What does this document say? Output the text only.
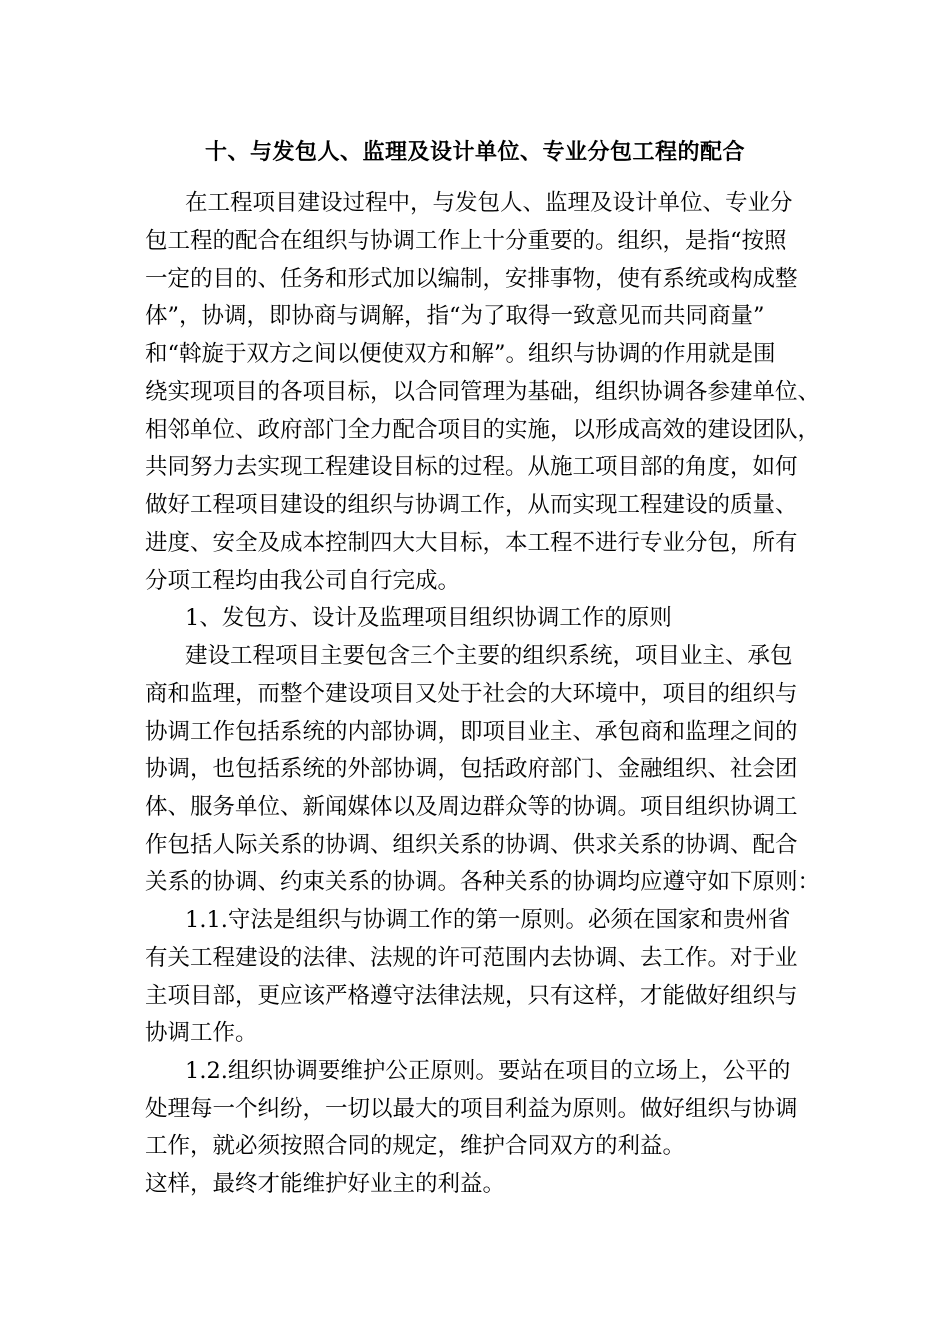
十、与发包人、监理及设计单位、专业分包工程的配合

在工程项目建设过程中，与发包人、监理及设计单位、专业分

包工程的配合在组织与协调工作上十分重要的。组织，是指“按照

一定的目的、任务和形式加以编制，安排事物，使有系统或构成整

体”，协调，即协商与调解，指“为了取得一致意见而共同商量”

和“斡旋于双方之间以便使双方和解”。组织与协调的作用就是围

绕实现项目的各项目标，以合同管理为基础，组织协调各参建单位、

相邻单位、政府部门全力配合项目的实施，以形成高效的建设团队，

共同努力去实现工程建设目标的过程。从施工项目部的角度，如何

做好工程项目建设的组织与协调工作，从而实现工程建设的质量、

进度、安全及成本控制四大大目标，本工程不进行专业分包，所有

分项工程均由我公司自行完成。

1、发包方、设计及监理项目组织协调工作的原则

建设工程项目主要包含三个主要的组织系统，项目业主、承包

商和监理，而整个建设项目又处于社会的大环境中，项目的组织与

协调工作包括系统的内部协调，即项目业主、承包商和监理之间的

协调，也包括系统的外部协调，包括政府部门、金融组织、社会团

体、服务单位、新闻媒体以及周边群众等的协调。项目组织协调工

作包括人际关系的协调、组织关系的协调、供求关系的协调、配合

关系的协调、约束关系的协调。各种关系的协调均应遵守如下原则：

1.1.守法是组织与协调工作的第一原则。必须在国家和贵州省

有关工程建设的法律、法规的许可范围内去协调、去工作。对于业

主项目部，更应该严格遵守法律法规，只有这样，才能做好组织与

协调工作。

1.2.组织协调要维护公正原则。要站在项目的立场上，公平的

处理每一个纠纷，一切以最大的项目利益为原则。做好组织与协调

工作，就必须按照合同的规定，维护合同双方的利益。

这样，最终才能维护好业主的利益。
